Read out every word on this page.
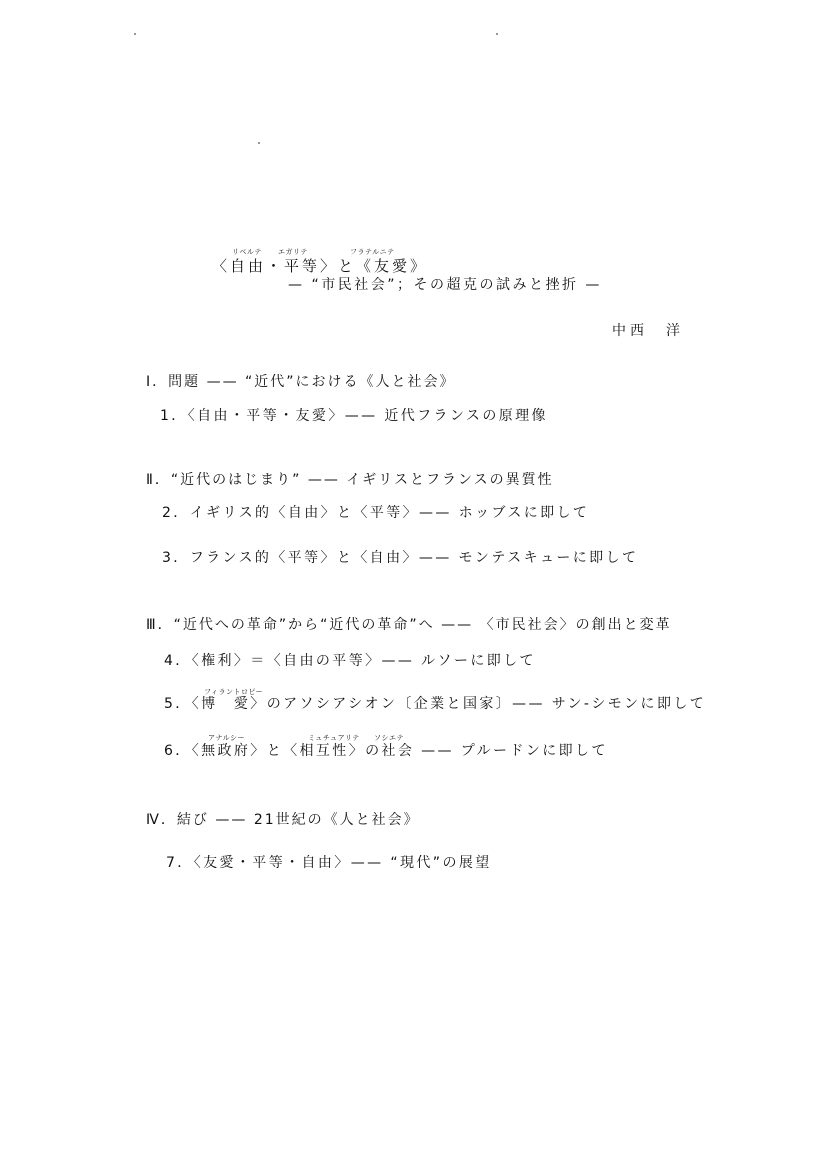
リベルテ エガリテ	フラテルニテ
〈自由・平等〉と《友愛》
— “市民社会”；その超克の試みと挫折 —
中西　洋
Ⅰ．問題 —— “近代”における《人と社会》
1．〈自由・平等・友愛〉—— 近代フランスの原理像
Ⅱ．“近代のはじまり” —— イギリスとフランスの異質性
2．イギリス的〈自由〉と〈平等〉—— ホッブスに即して
3．フランス的〈平等〉と〈自由〉—— モンテスキューに即して
Ⅲ．“近代への革命”から“近代の革命”へ —— 〈市民社会〉の創出と変革
4．〈権利〉＝〈自由の平等〉—— ルソーに即して
フィラントロピー
5．〈博　愛〉のアソシアシオン〔企業と国家〕—— サン-シモンに即して
アナルシー	ミュチュアリテ ソシエテ
6．〈無政府〉と〈相互性〉の社会 —— プルードンに即して
Ⅳ．結び —— 21世紀の《人と社会》
7．〈友愛・平等・自由〉—— “現代”の展望
